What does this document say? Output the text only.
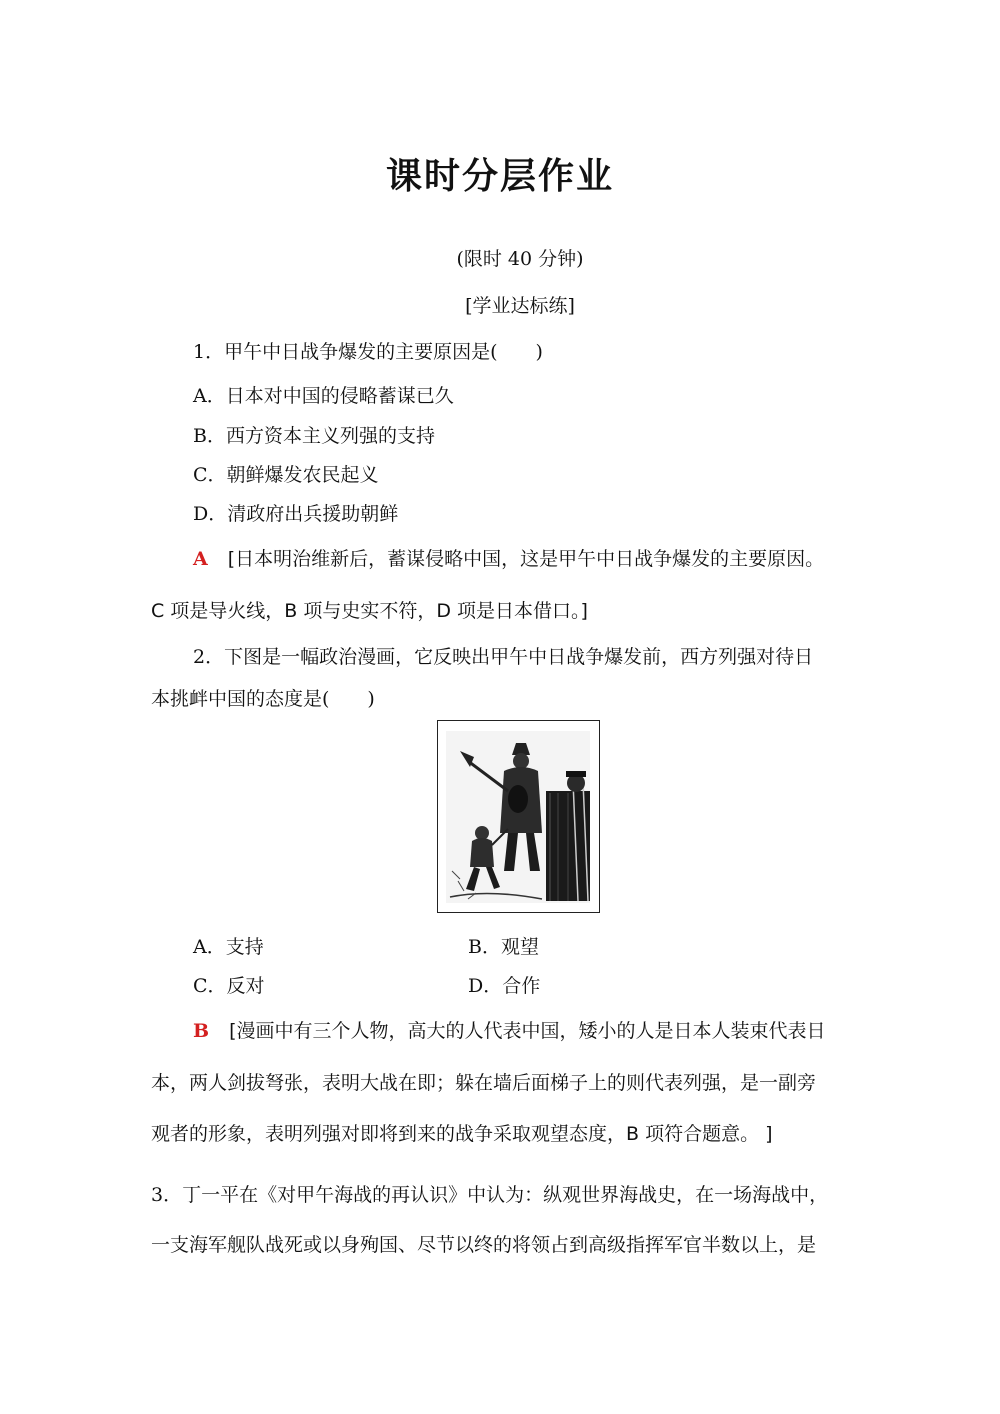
课时分层作业
(限时 40 分钟)
[学业达标练]
1．甲午中日战争爆发的主要原因是(　　)
A．日本对中国的侵略蓄谋已久
B．西方资本主义列强的支持
C．朝鲜爆发农民起义
D．清政府出兵援助朝鲜
A [日本明治维新后，蓄谋侵略中国，这是甲午中日战争爆发的主要原因。
C 项是导火线，B 项与史实不符，D 项是日本借口。]
2．下图是一幅政治漫画，它反映出甲午中日战争爆发前，西方列强对待日
本挑衅中国的态度是(　　)
A．支持	B．观望
C．反对	D．合作
B [漫画中有三个人物，高大的人代表中国，矮小的人是日本人装束代表日
本，两人剑拔弩张，表明大战在即；躲在墙后面梯子上的则代表列强，是一副旁
观者的形象，表明列强对即将到来的战争采取观望态度，B 项符合题意。 ]
3．丁一平在《对甲午海战的再认识》中认为：纵观世界海战史，在一场海战中，
一支海军舰队战死或以身殉国、尽节以终的将领占到高级指挥军官半数以上，是
